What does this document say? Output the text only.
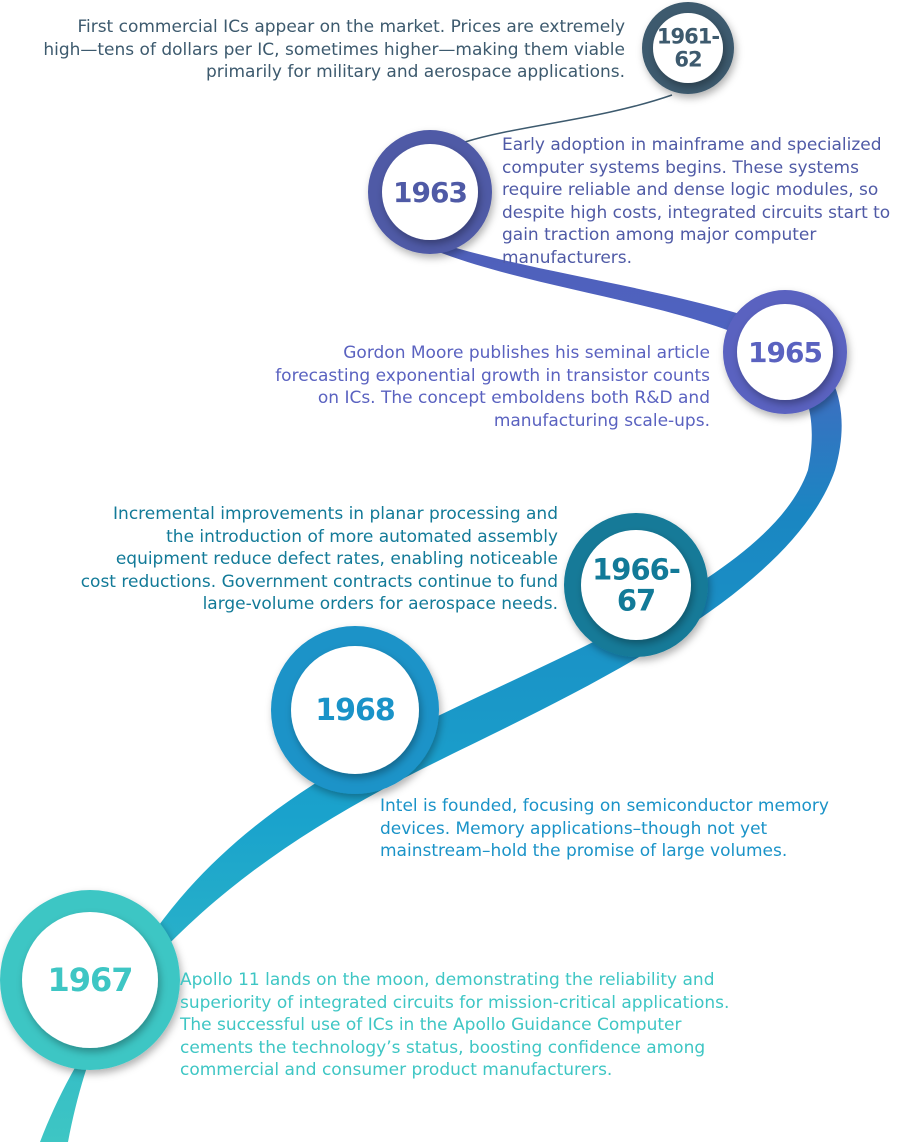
1961-62
1963
1965
1966-67
1968
1967

First commercial ICs appear on the market. Prices are extremely high—tens of dollars per IC, sometimes higher—making them viable primarily for military and aerospace applications.

Early adoption in mainframe and specialized computer systems begins. These systems require reliable and dense logic modules, so despite high costs, integrated circuits start to gain traction among major computer manufacturers.

Gordon Moore publishes his seminal article forecasting exponential growth in transistor counts on ICs. The concept emboldens both R&D and manufacturing scale-ups.

Incremental improvements in planar processing and the introduction of more automated assembly equipment reduce defect rates, enabling noticeable cost reductions. Government contracts continue to fund large-volume orders for aerospace needs.

Intel is founded, focusing on semiconductor memory devices. Memory applications–though not yet mainstream–hold the promise of large volumes.

Apollo 11 lands on the moon, demonstrating the reliability and superiority of integrated circuits for mission-critical applications. The successful use of ICs in the Apollo Guidance Computer cements the technology’s status, boosting confidence among commercial and consumer product manufacturers.
